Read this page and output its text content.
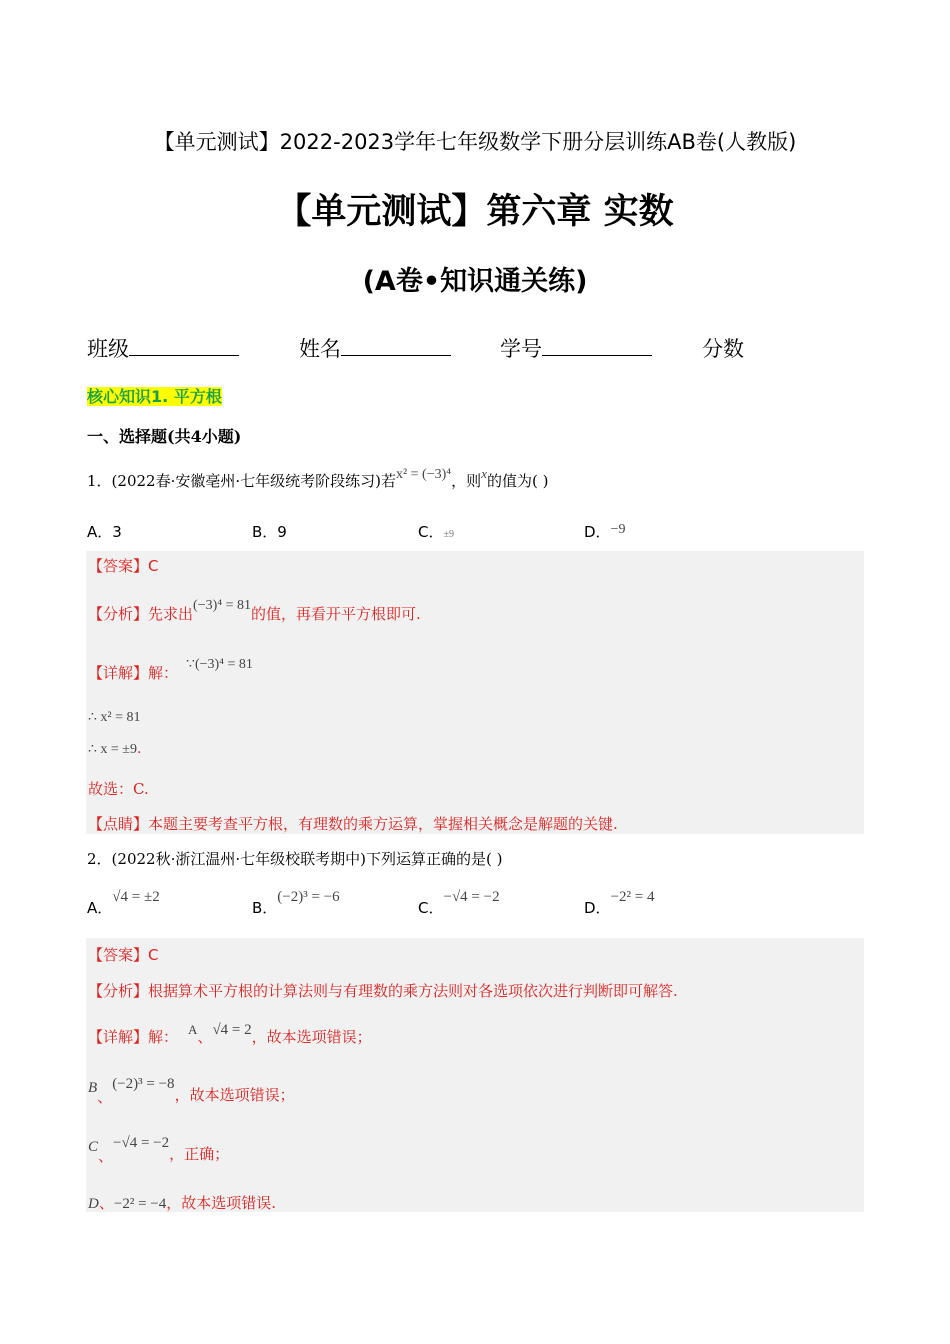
【单元测试】2022-2023学年七年级数学下册分层训练AB卷(人教版)
【单元测试】第六章 实数
(A卷•知识通关练)
班级	姓名	学号	分数
核心知识1. 平方根
一、选择题(共4小题)
1．(2022春·安徽亳州·七年级统考阶段练习)若x² = (−3)⁴，则x的值为( )
A．3	B．9	C．±9	D．−9
【答案】C
【分析】先求出(−3)⁴ = 81的值，再看开平方根即可.
【详解】解： ∵(−3)⁴ = 81
∴ x² = 81
∴ x = ±9.
故选：C.
【点睛】本题主要考查平方根，有理数的乘方运算，掌握相关概念是解题的关键.
2．(2022秋·浙江温州·七年级校联考期中)下列运算正确的是( )
A．√4 = ±2
B．(−2)³ = −6
C．−√4 = −2
D．−2² = 4
【答案】C
【分析】根据算术平方根的计算法则与有理数的乘方法则对各选项依次进行判断即可解答.
【详解】解： A、√4 = 2，故本选项错误；
B、(−2)³ = −8，故本选项错误；
C、−√4 = −2，正确；
D、−2² = −4，故本选项错误.
